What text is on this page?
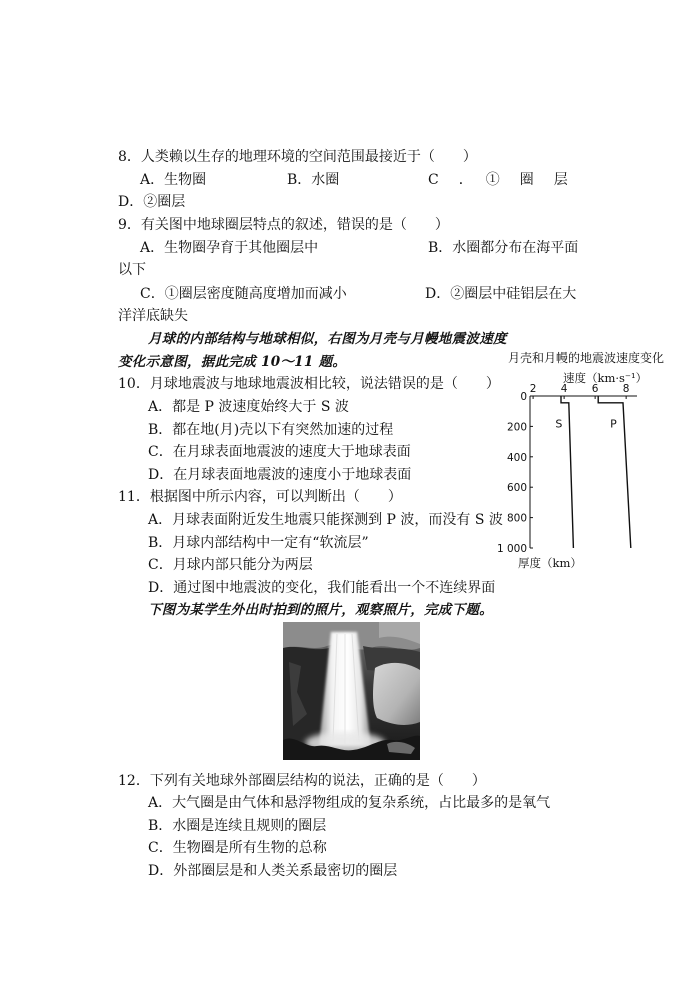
8．人类赖以生存的地理环境的空间范围最接近于（　　）
A．生物圈	B．水圈	C　．　①　圈　层
D．②圈层
9．有关图中地球圈层特点的叙述，错误的是（　　）
A．生物圈孕育于其他圈层中	B．水圈都分布在海平面
以下
C．①圈层密度随高度增加而减小	D．②圈层中硅铝层在大
洋洋底缺失
月球的内部结构与地球相似，右图为月壳与月幔地震波速度
变化示意图，据此完成 10～11 题。
10．月球地震波与地球地震波相比较，说法错误的是（　　）
A．都是 P 波速度始终大于 S 波
B．都在地(月)壳以下有突然加速的过程
C．在月球表面地震波的速度大于地球表面
D．在月球表面地震波的速度小于地球表面
11．根据图中所示内容，可以判断出（　　）
A．月球表面附近发生地震只能探测到 P 波，而没有 S 波
B．月球内部结构中一定有“软流层”
C．月球内部只能分为两层
D．通过图中地震波的变化，我们能看出一个不连续界面
月壳和月幔的地震波速度变化
速度（km·s⁻¹）
厚度（km）
2 4 6 8
0
200
400
600
800
1 000
S	P
下图为某学生外出时拍到的照片，观察照片，完成下题。
12．下列有关地球外部圈层结构的说法，正确的是（　　）
A．大气圈是由气体和悬浮物组成的复杂系统，占比最多的是氧气
B．水圈是连续且规则的圈层
C．生物圈是所有生物的总称
D．外部圈层是和人类关系最密切的圈层
